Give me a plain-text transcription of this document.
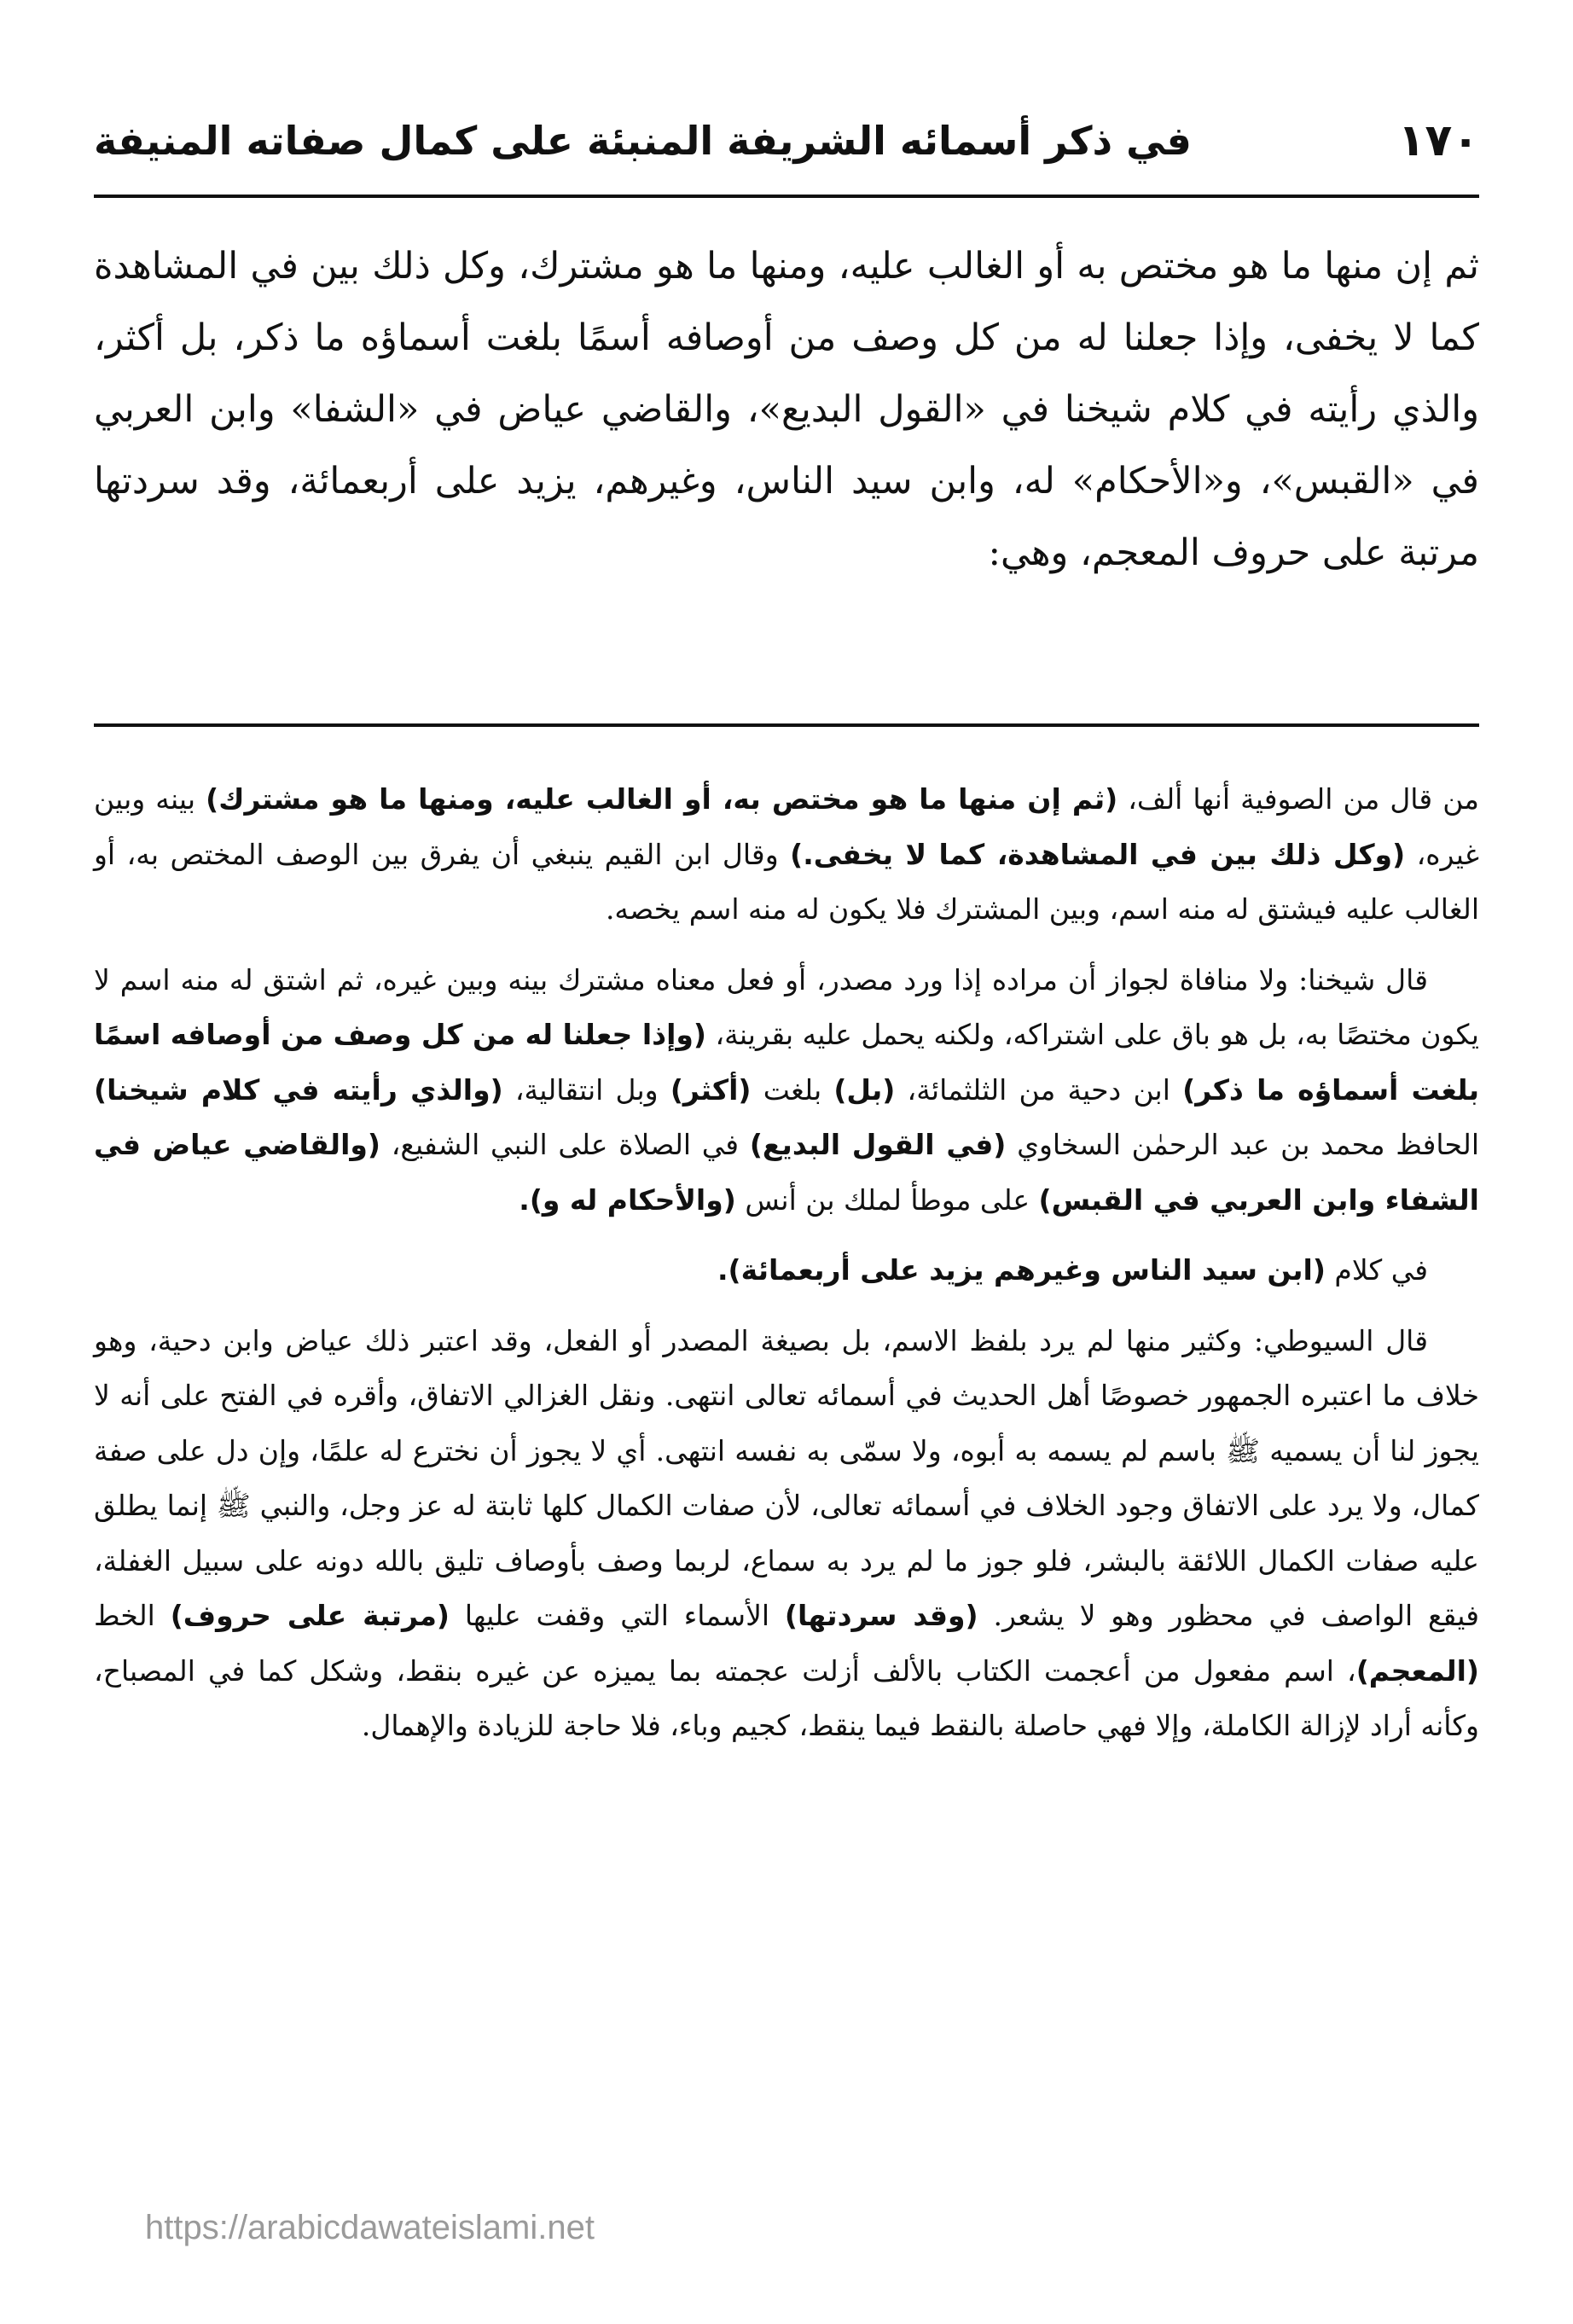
١٧٠
في ذكر أسمائه الشريفة المنبئة على كمال صفاته المنيفة

ثم إن منها ما هو مختص به أو الغالب عليه، ومنها ما هو مشترك، وكل ذلك بين في المشاهدة كما لا يخفى، وإذا جعلنا له من كل وصف من أوصافه أسمًا بلغت أسماؤه ما ذكر، بل أكثر، والذي رأيته في كلام شيخنا في «القول البديع»، والقاضي عياض في «الشفا» وابن العربي في «القبس»، و«الأحكام» له، وابن سيد الناس، وغيرهم، يزيد على أربعمائة، وقد سردتها مرتبة على حروف المعجم، وهي:

من قال من الصوفية أنها ألف، (ثم إن منها ما هو مختص به، أو الغالب عليه، ومنها ما هو مشترك) بينه وبين غيره، (وكل ذلك بين في المشاهدة، كما لا يخفى.) وقال ابن القيم ينبغي أن يفرق بين الوصف المختص به، أو الغالب عليه فيشتق له منه اسم، وبين المشترك فلا يكون له منه اسم يخصه.

قال شيخنا: ولا منافاة لجواز أن مراده إذا ورد مصدر، أو فعل معناه مشترك بينه وبين غيره، ثم اشتق له منه اسم لا يكون مختصًا به، بل هو باق على اشتراكه، ولكنه يحمل عليه بقرينة، (وإذا جعلنا له من كل وصف من أوصافه اسمًا بلغت أسماؤه ما ذكر) ابن دحية من الثلثمائة، (بل) بلغت (أكثر) وبل انتقالية، (والذي رأيته في كلام شيخنا) الحافظ محمد بن عبد الرحمٰن السخاوي (في القول البديع) في الصلاة على النبي الشفيع، (والقاضي عياض في الشفاء وابن العربي في القبس) على موطأ لملك بن أنس (والأحكام له و).

في كلام (ابن سيد الناس وغيرهم يزيد على أربعمائة).

قال السيوطي: وكثير منها لم يرد بلفظ الاسم، بل بصيغة المصدر أو الفعل، وقد اعتبر ذلك عياض وابن دحية، وهو خلاف ما اعتبره الجمهور خصوصًا أهل الحديث في أسمائه تعالى انتهى. ونقل الغزالي الاتفاق، وأقره في الفتح على أنه لا يجوز لنا أن يسميه ﷺ باسم لم يسمه به أبوه، ولا سمّى به نفسه انتهى. أي لا يجوز أن نخترع له علمًا، وإن دل على صفة كمال، ولا يرد على الاتفاق وجود الخلاف في أسمائه تعالى، لأن صفات الكمال كلها ثابتة له عز وجل، والنبي ﷺ إنما يطلق عليه صفات الكمال اللائقة بالبشر، فلو جوز ما لم يرد به سماع، لربما وصف بأوصاف تليق بالله دونه على سبيل الغفلة، فيقع الواصف في محظور وهو لا يشعر. (وقد سردتها) الأسماء التي وقفت عليها (مرتبة على حروف) الخط (المعجم)، اسم مفعول من أعجمت الكتاب بالألف أزلت عجمته بما يميزه عن غيره بنقط، وشكل كما في المصباح، وكأنه أراد لإزالة الكاملة، وإلا فهي حاصلة بالنقط فيما ينقط، كجيم وباء، فلا حاجة للزيادة والإهمال.

https://arabicdawateislami.net
